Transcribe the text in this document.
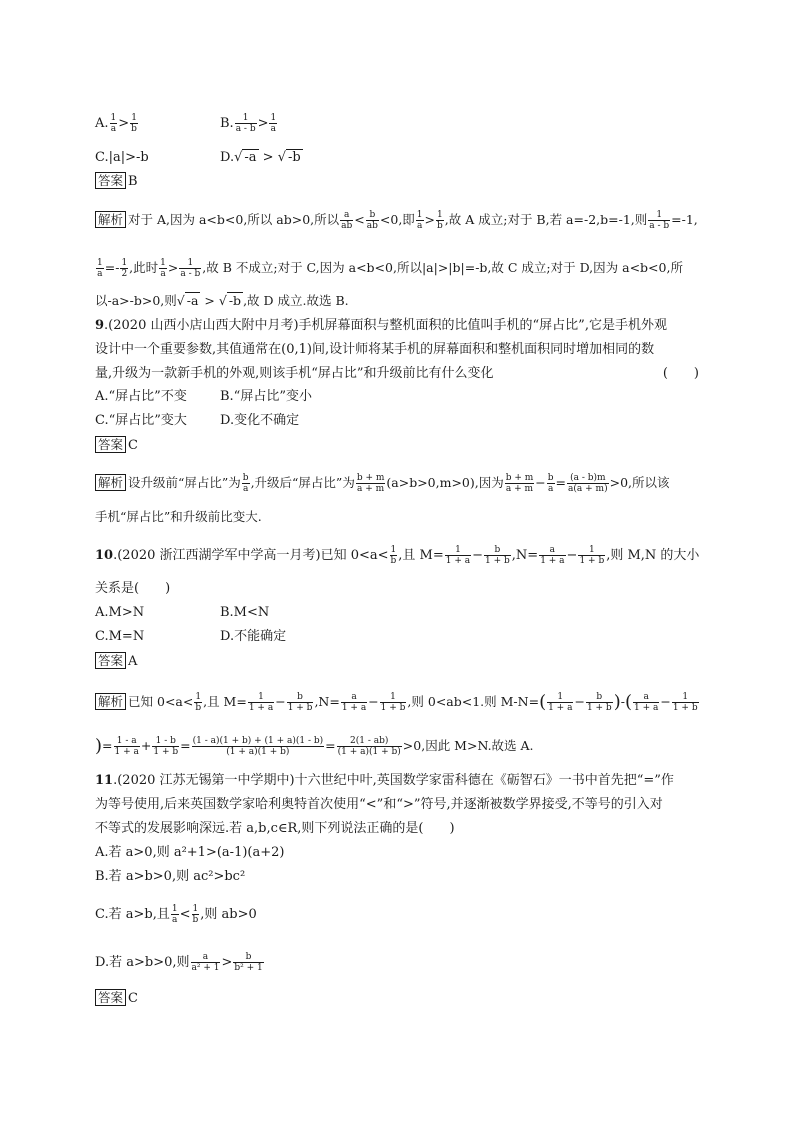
A. $\frac{1}{a} > \frac{1}{b}$	B. $\frac{1}{a - b} > \frac{1}{a}$
C.|a|>-b	D.√ -a > √ -b
答案 B
解析 对于 A,因为 a<b<0,所以 ab>0,所以 $\frac{a}{ab} < \frac{b}{ab} <0$,即 $\frac{1}{a} > \frac{1}{b}$ ,故 A 成立;对于 B,若 a=-2,b=-1,则 $\frac{1}{a - b} =-1$,
$\frac{1}{a} =- \frac{1}{2}$ ,此时 $\frac{1}{a} > \frac{1}{a - b}$ ,故 B 不成立;对于 C,因为 a<b<0,所以|a|>|b|=-b,故 C 成立;对于 D,因为 a<b<0,所
以-a>-b>0,则√ -a > √ -b ,故 D 成立.故选 B.
9.(2020 山西小店山西大附中月考)手机屏幕面积与整机面积的比值叫手机的“屏占比”,它是手机外观
设计中一个重要参数,其值通常在(0,1)间,设计师将某手机的屏幕面积和整机面积同时增加相同的数
量,升级为一款新手机的外观,则该手机“屏占比”和升级前比有什么变化	(　　)
A.“屏占比”不变	B.“屏占比”变小
C.“屏占比”变大	D.变化不确定
答案 C
解析 设升级前“屏占比”为 $\frac{b}{a}$ ,升级后“屏占比”为 $\frac{b + m}{a + m} (a>b>0,m>0)$,因为 $\frac{b + m}{a + m} - \frac{b}{a} = \frac{(a - b)m}{a(a + m)} >0$,所以该
手机“屏占比”和升级前比变大.
10.(2020 浙江西湖学军中学高一月考)已知 $0<a< \frac{1}{b}$ ,且 $M= \frac{1}{1 + a} - \frac{b}{1 + b} ,N= \frac{a}{1 + a} - \frac{1}{1 + b}$ ,则 M,N 的大小
关系是(　　)
A.M>N	B.M<N
C.M=N	D.不能确定
答案 A
解析 已知 $0<a< \frac{1}{b}$ ,且 $M= \frac{1}{1 + a} - \frac{b}{1 + b} ,N= \frac{a}{1 + a} - \frac{1}{1 + b}$ ,则 0<ab<1.则 $M-N=( \frac{1}{1 + a} - \frac{b}{1 + b}$ )-( $\frac{a}{1 + a} - \frac{1}{1 + b}$
)= $\frac{1 - a}{1 + a} + \frac{1 - b}{1 + b} = \frac{(1 - a)(1 + b) + (1 + a)(1 - b)}{(1 + a)(1 + b)} = \frac{2(1 - ab)}{(1 + a)(1 + b)} >0$,因此 M>N.故选 A.
11.(2020 江苏无锡第一中学期中)十六世纪中叶,英国数学家雷科德在《砺智石》一书中首先把“=”作
为等号使用,后来英国数学家哈利奥特首次使用“<”和“>”符号,并逐渐被数学界接受,不等号的引入对
不等式的发展影响深远.若 a,b,c∈R,则下列说法正确的是(　　)
A.若 a>0,则 a²+1>(a-1)(a+2)
B.若 a>b>0,则 ac²>bc²
C.若 a>b,且 $\frac{1}{a} < \frac{1}{b}$ ,则 ab>0
D.若 a>b>0,则 $\frac{a}{\text{a² + 1}} > \frac{b}{\text{b² + 1}}$
答案 C
